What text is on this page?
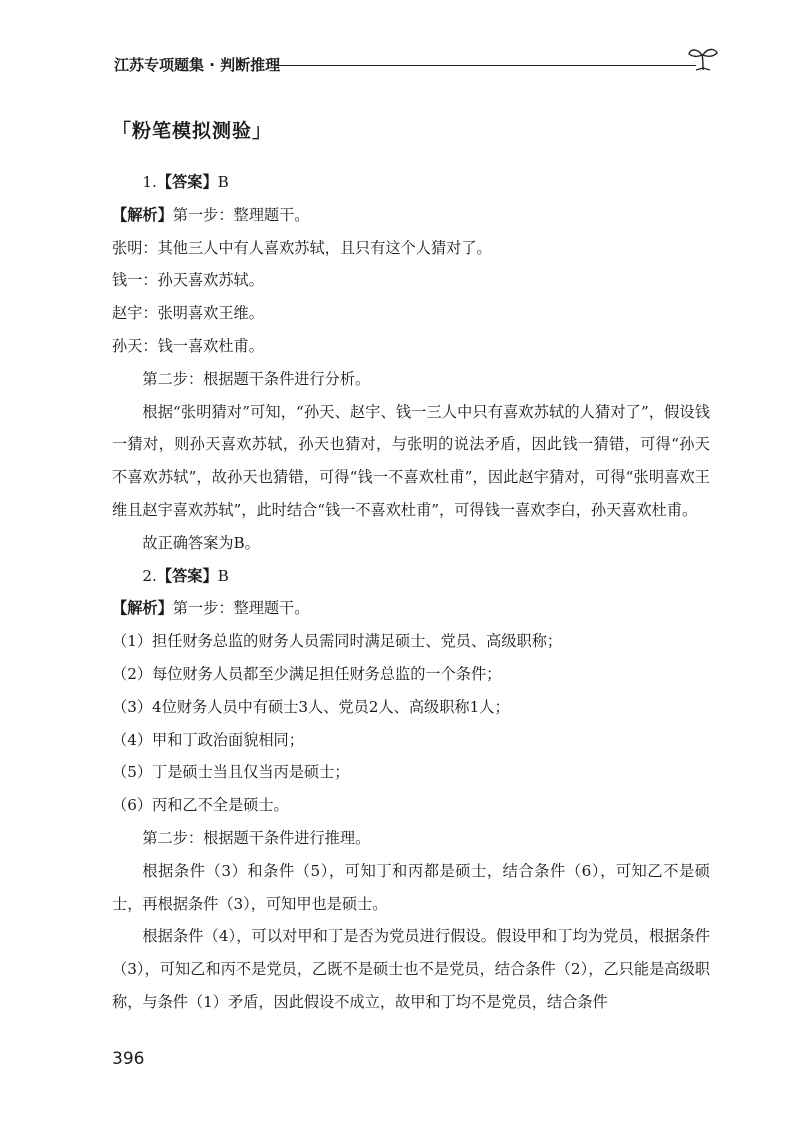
江苏专项题集 · 判断推理
「粉笔模拟测验」

1.【答案】B

【解析】第一步：整理题干。

张明：其他三人中有人喜欢苏轼，且只有这个人猜对了。

钱一：孙天喜欢苏轼。

赵宇：张明喜欢王维。

孙天：钱一喜欢杜甫。

第二步：根据题干条件进行分析。

根据“张明猜对”可知，“孙天、赵宇、钱一三人中只有喜欢苏轼的人猜对了”，假设钱一猜对，则孙天喜欢苏轼，孙天也猜对，与张明的说法矛盾，因此钱一猜错，可得“孙天不喜欢苏轼”，故孙天也猜错，可得“钱一不喜欢杜甫”，因此赵宇猜对，可得“张明喜欢王维且赵宇喜欢苏轼”，此时结合“钱一不喜欢杜甫”，可得钱一喜欢李白，孙天喜欢杜甫。

故正确答案为B。

2.【答案】B

【解析】第一步：整理题干。

（1）担任财务总监的财务人员需同时满足硕士、党员、高级职称；

（2）每位财务人员都至少满足担任财务总监的一个条件；

（3）4位财务人员中有硕士3人、党员2人、高级职称1人；

（4）甲和丁政治面貌相同；

（5）丁是硕士当且仅当丙是硕士；

（6）丙和乙不全是硕士。

第二步：根据题干条件进行推理。

根据条件（3）和条件（5），可知丁和丙都是硕士，结合条件（6），可知乙不是硕士，再根据条件（3），可知甲也是硕士。

根据条件（4），可以对甲和丁是否为党员进行假设。假设甲和丁均为党员，根据条件（3），可知乙和丙不是党员，乙既不是硕士也不是党员，结合条件（2），乙只能是高级职称，与条件（1）矛盾，因此假设不成立，故甲和丁均不是党员，结合条件

396
